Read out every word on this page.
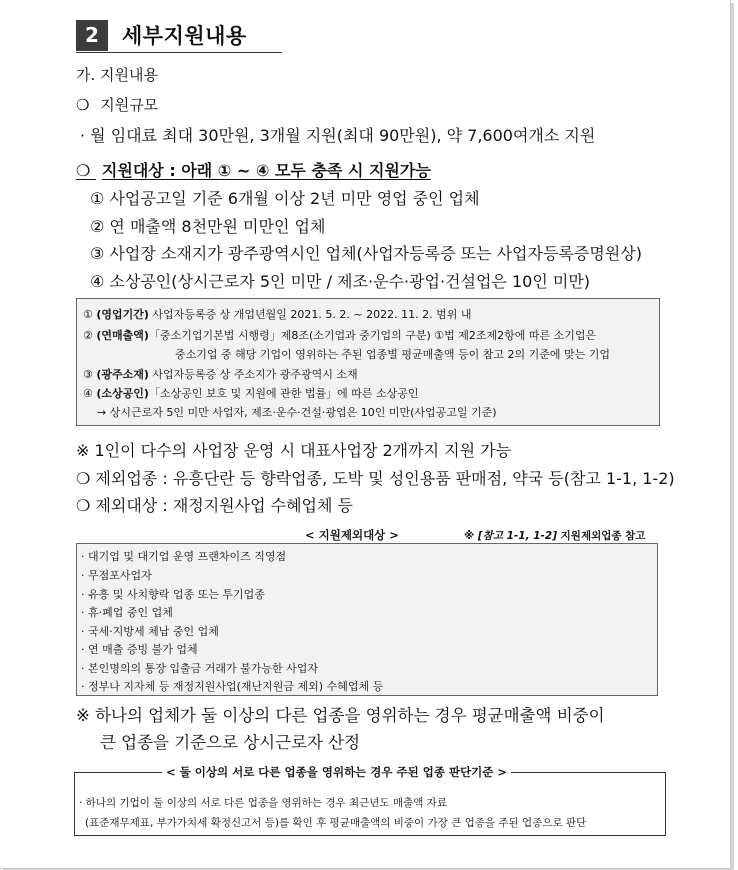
2	세부지원내용
가. 지원내용
❍ 지원규모
· 월 임대료 최대 30만원, 3개월 지원(최대 90만원), 약 7,600여개소 지원
❍ 지원대상 : 아래 ① ~ ④ 모두 충족 시 지원가능
① 사업공고일 기준 6개월 이상 2년 미만 영업 중인 업체
② 연 매출액 8천만원 미만인 업체
③ 사업장 소재지가 광주광역시인 업체(사업자등록증 또는 사업자등록증명원상)
④ 소상공인(상시근로자 5인 미만 / 제조·운수·광업·건설업은 10인 미만)
① (영업기간) 사업자등록증 상 개업년월일 2021. 5. 2. ~ 2022. 11. 2. 범위 내
② (연매출액)「중소기업기본법 시행령」제8조(소기업과 중기업의 구분) ①법 제2조제2항에 따른 소기업은
중소기업 중 해당 기업이 영위하는 주된 업종별 평균매출액 등이 참고 2의 기준에 맞는 기업
③ (광주소재) 사업자등록증 상 주소지가 광주광역시 소재
④ (소상공인)「소상공인 보호 및 지원에 관한 법률」에 따른 소상공인
→ 상시근로자 5인 미만 사업자, 제조·운수·건설·광업은 10인 미만(사업공고일 기준)
※ 1인이 다수의 사업장 운영 시 대표사업장 2개까지 지원 가능
❍ 제외업종 : 유흥단란 등 향락업종, 도박 및 성인용품 판매점, 약국 등(참고 1-1, 1-2)
❍ 제외대상 : 재정지원사업 수혜업체 등
< 지원제외대상 >	※ [참고 1-1, 1-2] 지원제외업종 참고
· 대기업 및 대기업 운영 프랜차이즈 직영점
· 무점포사업자
· 유흥 및 사치향락 업종 또는 투기업종
· 휴·폐업 중인 업체
· 국세·지방세 체납 중인 업체
· 연 매출 증빙 불가 업체
· 본인명의의 통장 입출금 거래가 불가능한 사업자
· 정부나 지자체 등 재정지원사업(재난지원금 제외) 수혜업체 등
※ 하나의 업체가 둘 이상의 다른 업종을 영위하는 경우 평균매출액 비중이
큰 업종을 기준으로 상시근로자 산정
< 둘 이상의 서로 다른 업종을 영위하는 경우 주된 업종 판단기준 >
· 하나의 기업이 둘 이상의 서로 다른 업종을 영위하는 경우 최근년도 매출액 자료
(표준재무제표, 부가가치세 확정신고서 등)를 확인 후 평균매출액의 비중이 가장 큰 업종을 주된 업종으로 판단
